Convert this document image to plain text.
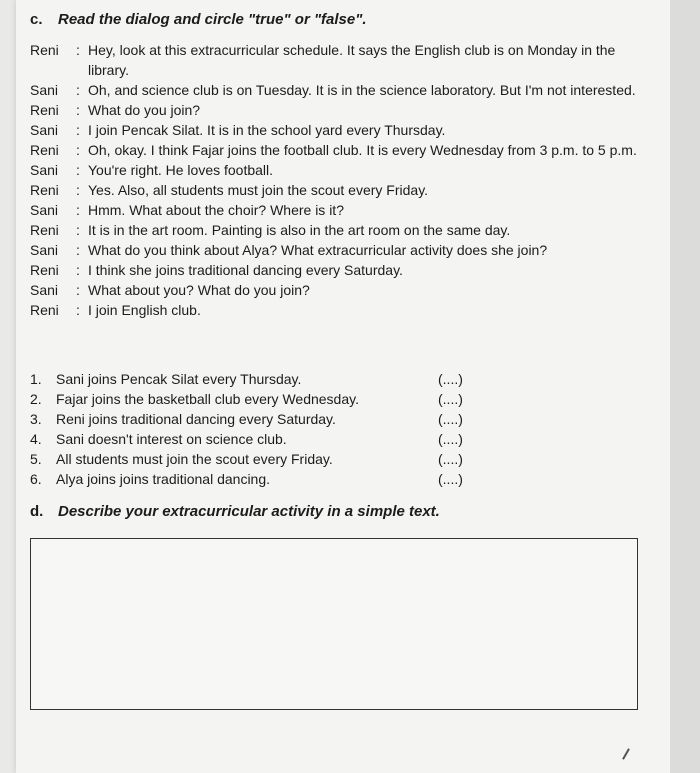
c. Read the dialog and circle "true" or "false".
Reni	: Hey, look at this extracurricular schedule. It says the English club is on Monday in the library.
Sani	: Oh, and science club is on Tuesday. It is in the science laboratory. But I'm not interested.
Reni	: What do you join?
Sani	: I join Pencak Silat. It is in the school yard every Thursday.
Reni	: Oh, okay. I think Fajar joins the football club. It is every Wednesday from 3 p.m. to 5 p.m.
Sani	: You're right. He loves football.
Reni	: Yes. Also, all students must join the scout every Friday.
Sani	: Hmm. What about the choir? Where is it?
Reni	: It is in the art room. Painting is also in the art room on the same day.
Sani	: What do you think about Alya? What extracurricular activity does she join?
Reni	: I think she joins traditional dancing every Saturday.
Sani	: What about you? What do you join?
Reni	: I join English club.
1.	Sani joins Pencak Silat every Thursday.	(....)
2.	Fajar joins the basketball club every Wednesday.	(....)
3.	Reni joins traditional dancing every Saturday.	(....)
4.	Sani doesn't interest on science club.	(....)
5.	All students must join the scout every Friday.	(....)
6.	Alya joins joins traditional dancing.	(....)
d. Describe your extracurricular activity in a simple text.
